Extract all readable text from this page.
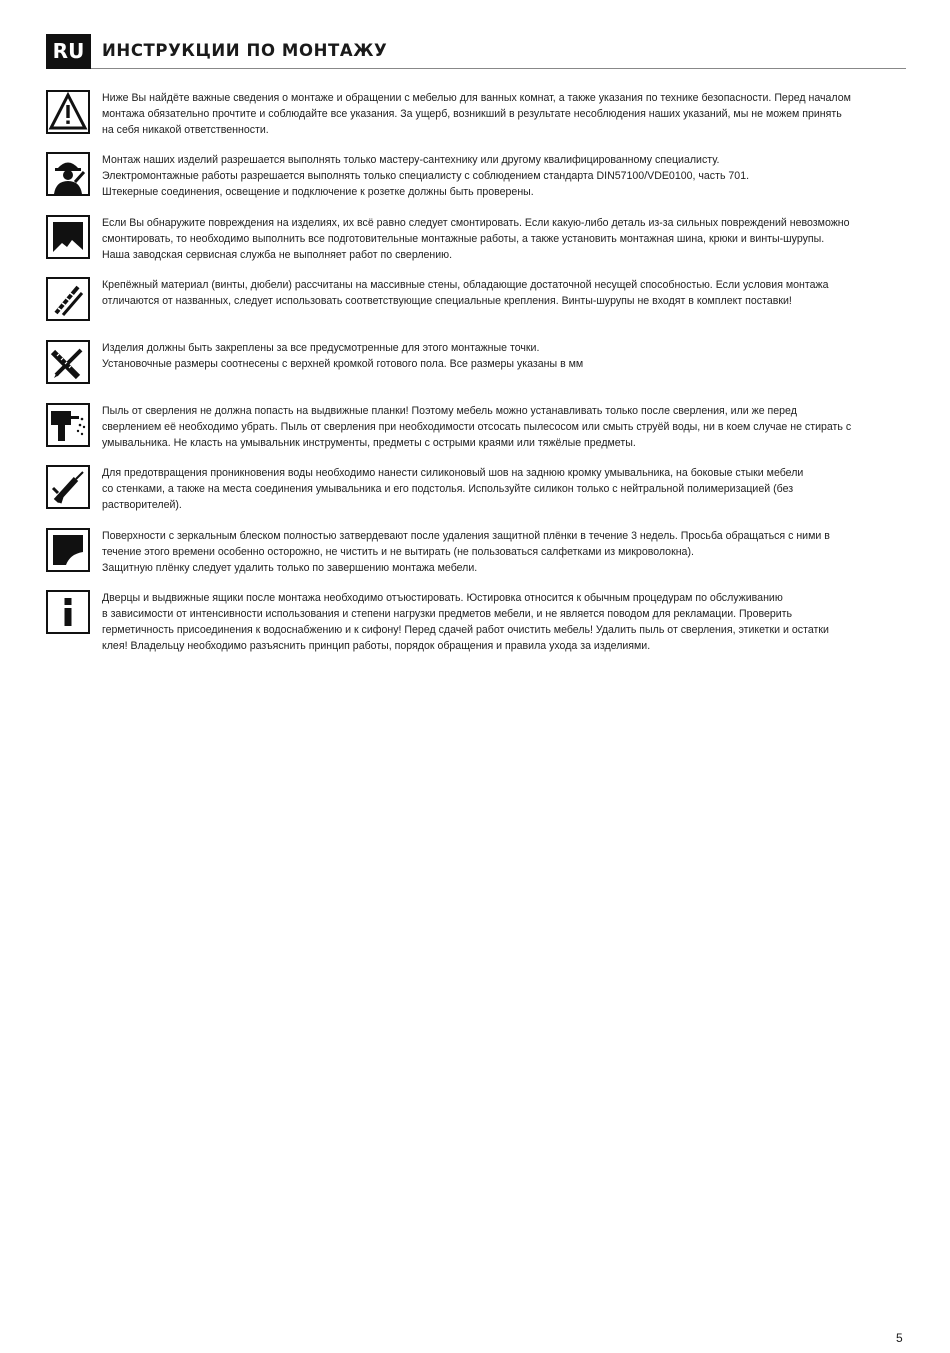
RU	ИНСТРУКЦИИ ПО МОНТАЖУ
Ниже Вы найдёте важные сведения о монтаже и обращении с мебелью для ванных комнат, а также указания по технике безопасности. Перед началом
монтажа обязательно прочтите и соблюдайте все указания. За ущерб, возникший в результате несоблюдения наших указаний, мы не можем принять
на себя никакой ответственности.
Монтаж наших изделий разрешается выполнять только мастеру-сантехнику или другому квалифицированному специалисту.
Электромонтажные работы разрешается выполнять только специалисту с соблюдением стандарта DIN57100/VDE0100, часть 701.
Штекерные соединения, освещение и подключение к розетке должны быть проверены.
Если Вы обнаружите повреждения на изделиях, их всё равно следует смонтировать. Если какую-либо деталь из-за сильных повреждений невозможно
смонтировать, то необходимо выполнить все подготовительные монтажные работы, а также установить монтажная шина, крюки и винты-шурупы.
Наша заводская сервисная служба не выполняет работ по сверлению.
Крепёжный материал (винты, дюбели) рассчитаны на массивные стены, обладающие достаточной несущей способностью. Если условия монтажа
отличаются от названных, следует использовать соответствующие специальные крепления. Винты-шурупы не входят в комплект поставки!
Изделия должны быть закреплены за все предусмотренные для этого монтажные точки.
Установочные размеры соотнесены с верхней кромкой готового пола. Все размеры указаны в мм
Пыль от сверления не должна попасть на выдвижные планки! Поэтому мебель можно устанавливать только после сверления, или же перед
сверлением её необходимо убрать. Пыль от сверления при необходимости отсосать пылесосом или смыть струёй воды, ни в коем случае не стирать с
умывальника. Не класть на умывальник инструменты, предметы с острыми краями или тяжёлые предметы.
Для предотвращения проникновения воды необходимо нанести силиконовый шов на заднюю кромку умывальника, на боковые стыки мебели
со стенками, а также на места соединения умывальника и его подстолья. Используйте силикон только с нейтральной полимеризацией (без
растворителей).
Поверхности с зеркальным блеском полностью затвердевают после удаления защитной плёнки в течение 3 недель. Просьба обращаться с ними в
течение этого времени особенно осторожно, не чистить и не вытирать (не пользоваться салфетками из микроволокна).
Защитную плёнку следует удалить только по завершению монтажа мебели.
Дверцы и выдвижные ящики после монтажа необходимо отъюстировать. Юстировка относится к обычным процедурам по обслуживанию
в зависимости от интенсивности использования и степени нагрузки предметов мебели, и не является поводом для рекламации. Проверить
герметичность присоединения к водоснабжению и к сифону! Перед сдачей работ очистить мебель! Удалить пыль от сверления, этикетки и остатки
клея! Владельцу необходимо разъяснить принцип работы, порядок обращения и правила ухода за изделиями.
5
